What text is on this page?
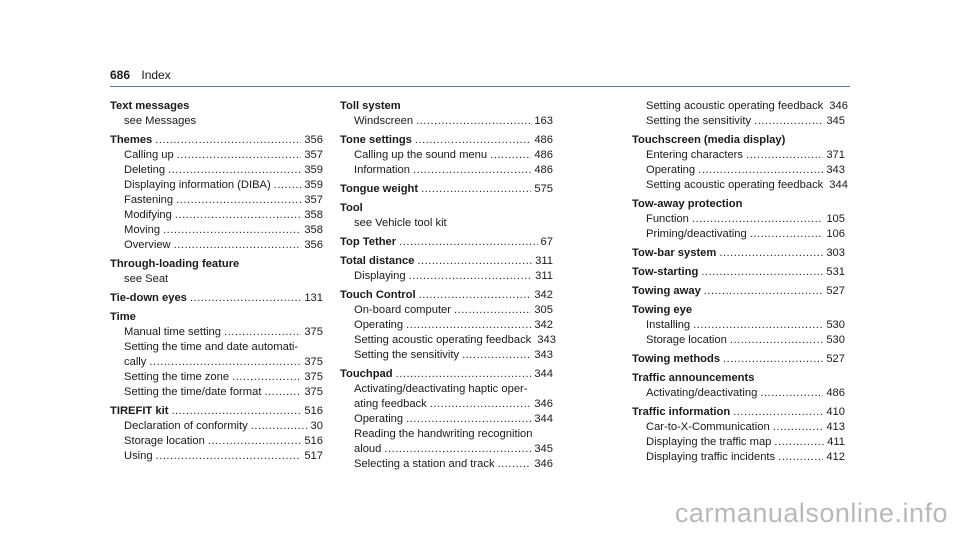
686 Index
Text messages
see Messages
Themes .....	356
Calling up .....	357
Deleting .....	359
Displaying information (DIBA) .....	359
Fastening .....	357
Modifying .....	358
Moving .....	358
Overview .....	356
Through-loading feature
see Seat
Tie-down eyes .....	131
Time
Manual time setting .....	375
Setting the time and date automati-
cally .....	375
Setting the time zone .....	375
Setting the time/date format .....	375
TIREFIT kit .....	516
Declaration of conformity .....	30
Storage location .....	516
Using .....	517
Toll system
Windscreen .....	163
Tone settings .....	486
Calling up the sound menu .....	486
Information .....	486
Tongue weight .....	575
Tool
see Vehicle tool kit
Top Tether .....	67
Total distance .....	311
Displaying .....	311
Touch Control .....	342
On-board computer .....	305
Operating .....	342
Setting acoustic operating feedback 343
Setting the sensitivity .....	343
Touchpad .....	344
Activating/deactivating haptic oper-
ating feedback .....	346
Operating .....	344
Reading the handwriting recognition
aloud .....	345
Selecting a station and track .....	346
Setting acoustic operating feedback 346
Setting the sensitivity .....	345
Touchscreen (media display)
Entering characters .....	371
Operating .....	343
Setting acoustic operating feedback 344
Tow-away protection
Function .....	105
Priming/deactivating .....	106
Tow-bar system .....	303
Tow-starting .....	531
Towing away .....	527
Towing eye
Installing .....	530
Storage location .....	530
Towing methods .....	527
Traffic announcements
Activating/deactivating .....	486
Traffic information .....	410
Car-to-X-Communication .....	413
Displaying the traffic map .....	411
Displaying traffic incidents .....	412
carmanualsonline.info
